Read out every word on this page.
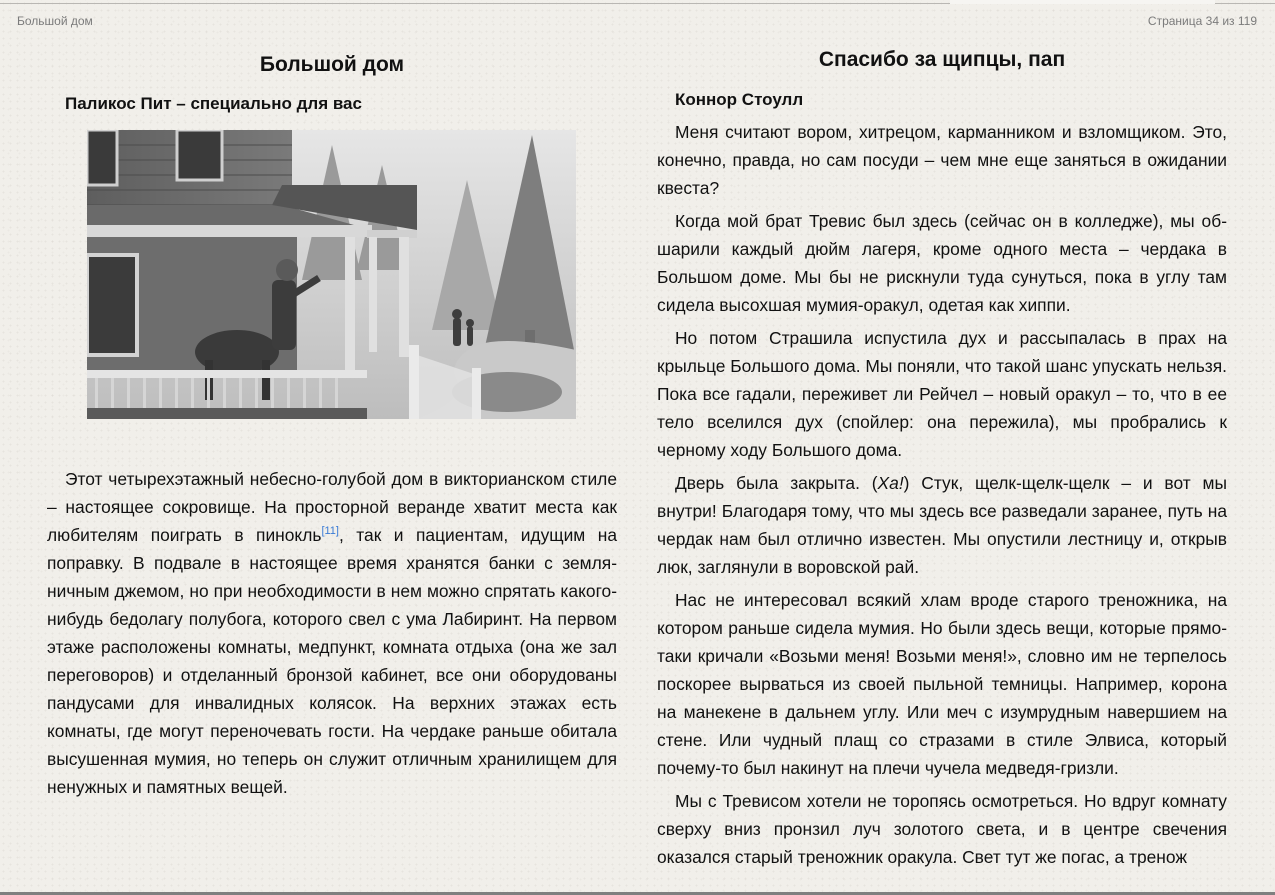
Большой дом	Страница 34 из 119
Большой дом
Паликос Пит – специально для вас

Этот четырехэтажный небесно-голубой дом в викторианском стиле – настоящее сокровище. На просторной веранде хватит места как любителям поиграть в пинокль[11], так и пациентам, идущим на поправку. В подвале в настоящее время хранятся банки с земляничным джемом, но при необходимости в нем можно спрятать какого-нибудь бедолагу полубога, которого свел с ума Лабиринт. На первом этаже расположены комнаты, медпункт, комната отдыха (она же зал переговоров) и отделанный бронзой кабинет, все они оборудованы пандусами для инвалидных колясок. На верхних этажах есть комнаты, где могут переночевать гости. На чердаке раньше обитала высушенная мумия, но теперь он служит отличным хранилищем для ненужных и памятных вещей.

Спасибо за щипцы, пап
Коннор Стоулл

Меня считают вором, хитрецом, карманником и взломщиком. Это, конечно, правда, но сам посуди – чем мне еще заняться в ожидании квеста?

Когда мой брат Тревис был здесь (сейчас он в колледже), мы обшарили каждый дюйм лагеря, кроме одного места – чердака в Большом доме. Мы бы не рискнули туда сунуться, пока в углу там сидела высохшая мумия-оракул, одетая как хиппи.

Но потом Страшила испустила дух и рассыпалась в прах на крыльце Большого дома. Мы поняли, что такой шанс упускать нельзя. Пока все гадали, переживет ли Рейчел – новый оракул – то, что в ее тело вселился дух (спойлер: она пережила), мы пробрались к черному ходу Большого дома.

Дверь была закрыта. (Ха!) Стук, щелк-щелк-щелк – и вот мы внутри! Благодаря тому, что мы здесь все разведали заранее, путь на чердак нам был отлично известен. Мы опустили лестницу и, открыв люк, заглянули в воровской рай.

Нас не интересовал всякий хлам вроде старого треножника, на котором раньше сидела мумия. Но были здесь вещи, которые прямо-таки кричали «Возьми меня! Возьми меня!», словно им не терпелось поскорее вырваться из своей пыльной темницы. Например, корона на манекене в дальнем углу. Или меч с изумрудным навершием на стене. Или чудный плащ со стразами в стиле Элвиса, который почему-то был накинут на плечи чучела медведя-гризли.

Мы с Тревисом хотели не торопясь осмотреться. Но вдруг комнату сверху вниз пронзил луч золотого света, и в центре свечения оказался старый треножник оракула. Свет тут же погас, а тренож
